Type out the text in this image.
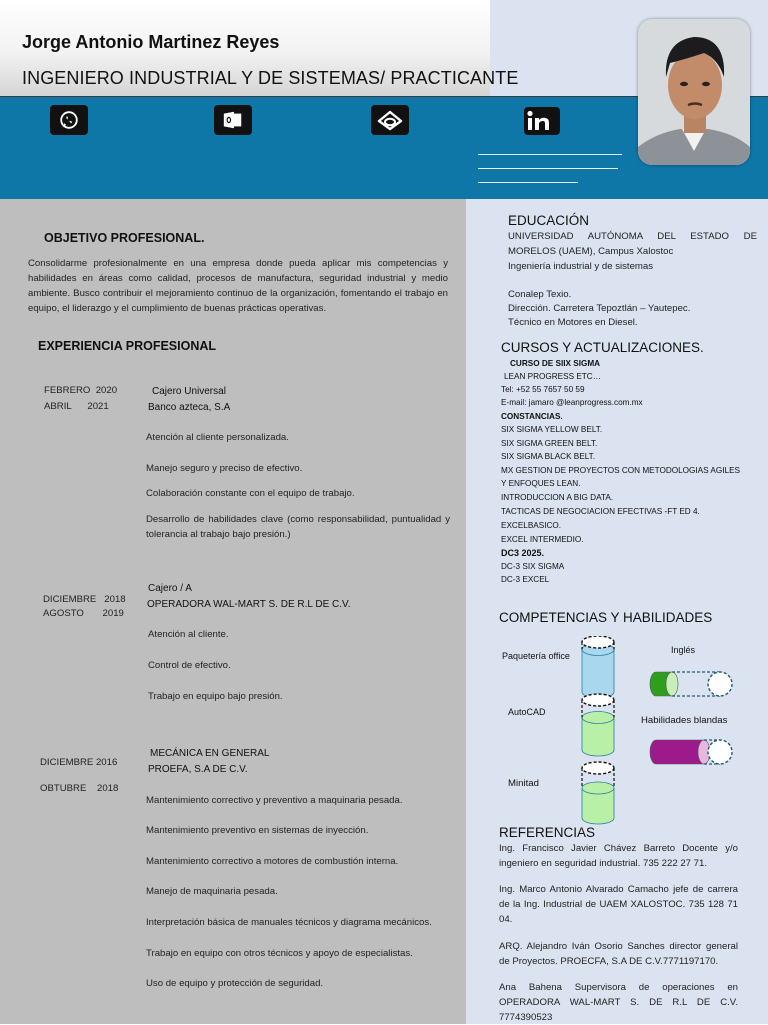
Jorge Antonio Martinez Reyes
INGENIERO INDUSTRIAL Y DE SISTEMAS/ PRACTICANTE
OBJETIVO PROFESIONAL.
Consolidarme profesionalmente en una empresa donde pueda aplicar mis competencias y habilidades en áreas como calidad, procesos de manufactura, seguridad industrial y medio ambiente. Busco contribuir el mejoramiento continuo de la organización, fomentando el trabajo en equipo, el liderazgo y el cumplimiento de buenas prácticas operativas.
EXPERIENCIA PROFESIONAL
FEBRERO  2020
ABRIL      2021
Cajero Universal
Banco azteca, S.A
Atención al cliente personalizada.
Manejo seguro y preciso de efectivo.
Colaboración constante con el equipo de trabajo.
Desarrollo de habilidades clave (como responsabilidad, puntualidad y tolerancia al trabajo bajo presión.)
DICIEMBRE   2018
AGOSTO       2019
Cajero / A
OPERADORA WAL-MART S. DE R.L DE C.V.
Atención al cliente.
Control de efectivo.
Trabajo en equipo bajo presión.
DICIEMBRE 2016
OBTUBRE    2018
MECÁNICA EN GENERAL
PROEFA, S.A DE C.V.
Mantenimiento correctivo y preventivo a maquinaria pesada.
Mantenimiento preventivo en sistemas de inyección.
Mantenimiento correctivo a motores de combustión interna.
Manejo de maquinaria pesada.
Interpretación básica de manuales técnicos y diagrama mecánicos.
Trabajo en equipo con otros técnicos y apoyo de especialistas.
Uso de equipo y protección de seguridad.
EDUCACIÓN
UNIVERSIDAD AUTÓNOMA DEL ESTADO DE MORELOS (UAEM), Campus Xalostoc
Ingeniería industrial y de sistemas
Conalep Texio.
Dirección. Carretera Tepoztlán – Yautepec.
Técnico en Motores en Diesel.
CURSOS Y ACTUALIZACIONES.
CURSO DE SIIX SIGMA
LEAN PROGRESS ETC…
Tel: +52 55 7657 50 59
E-mail: jamaro @leanprogress.com.mx
CONSTANCIAS.
SIX SIGMA YELLOW BELT.
SIX SIGMA GREEN BELT.
SIX SIGMA BLACK BELT.
MX GESTION DE PROYECTOS CON METODOLOGIAS AGILES Y ENFOQUES LEAN.
INTRODUCCION A BIG DATA.
TACTICAS DE NEGOCIACION EFECTIVAS -FT ED 4.
EXCELBASICO.
EXCEL INTERMEDIO.
DC3 2025.
DC-3 SIX SIGMA
DC-3 EXCEL
COMPETENCIAS Y HABILIDADES
Paquetería office
AutoCAD
Minitad
Inglés
Habilidades blandas
REFERENCIAS
Ing. Francisco Javier Chávez Barreto Docente y/o ingeniero en seguridad industrial. 735 222 27 71.
Ing. Marco Antonio Alvarado Camacho jefe de carrera de la Ing. Industrial de UAEM XALOSTOC. 735 128 71 04.
ARQ. Alejandro Iván Osorio Sanches director general de Proyectos. PROECFA, S.A DE C.V.7771197170.
Ana Bahena Supervisora de operaciones en OPERADORA WAL-MART S. DE R.L DE C.V. 7774390523
